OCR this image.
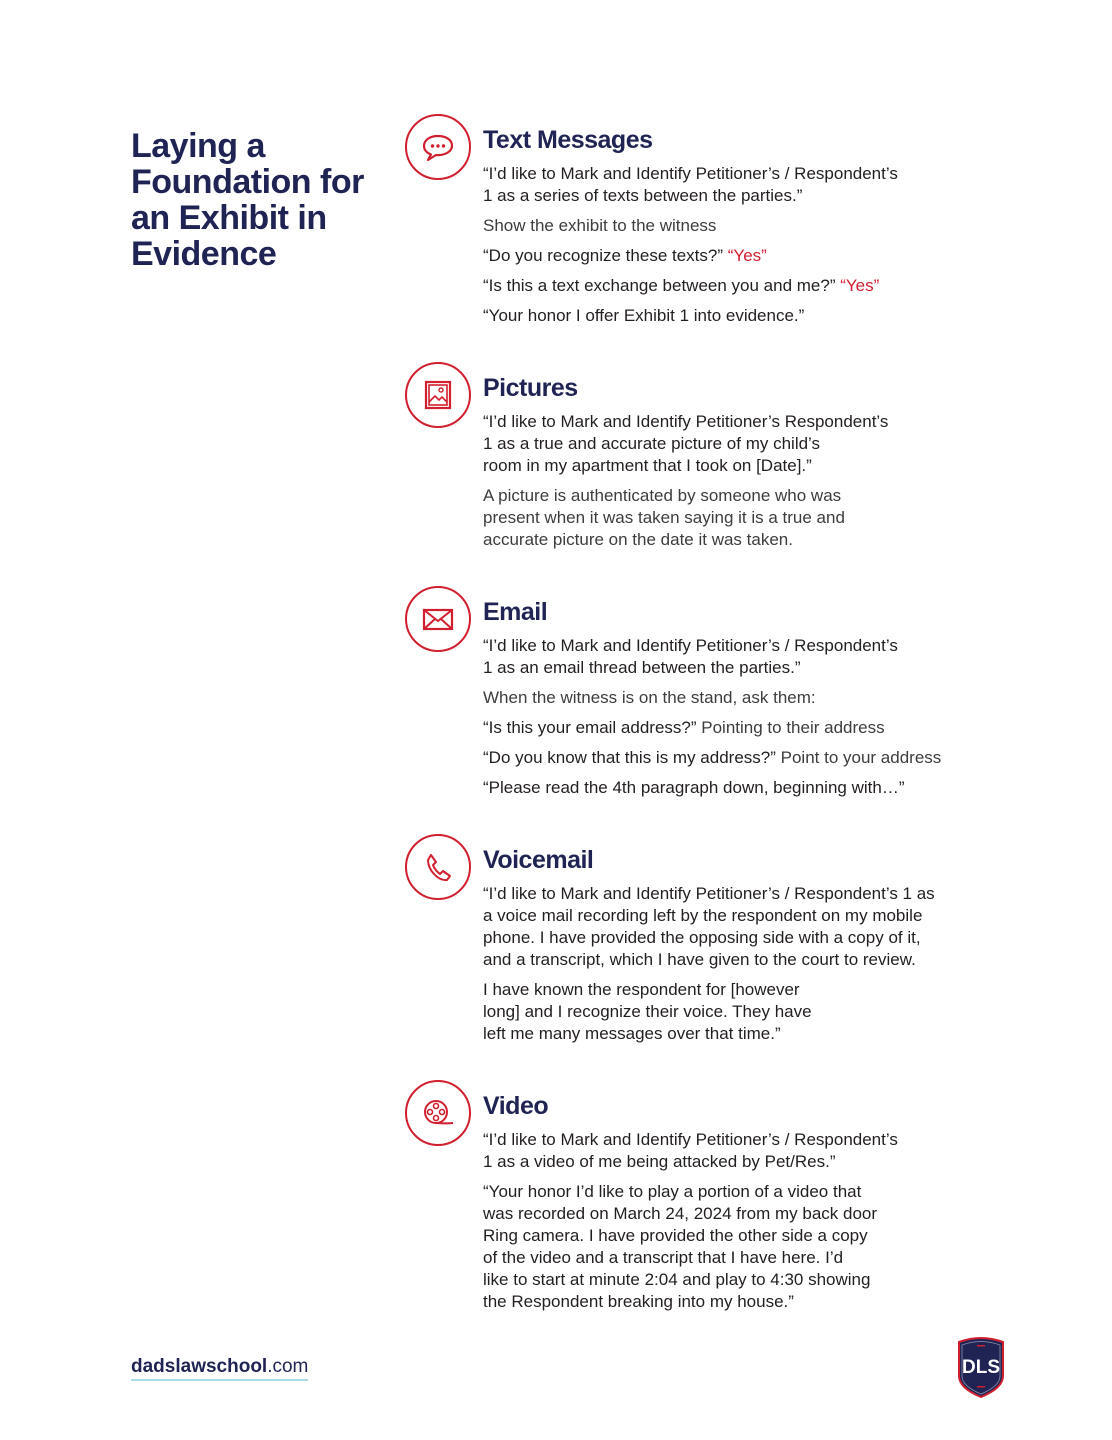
Laying a
Foundation for
an Exhibit in
Evidence
Text Messages
“I’d like to Mark and Identify Petitioner’s / Respondent’s
1 as a series of texts between the parties.”
Show the exhibit to the witness
“Do you recognize these texts?” “Yes”
“Is this a text exchange between you and me?” “Yes”
“Your honor I offer Exhibit 1 into evidence.”
Pictures
“I’d like to Mark and Identify Petitioner’s Respondent’s
1 as a true and accurate picture of my child’s
room in my apartment that I took on [Date].”
A picture is authenticated by someone who was
present when it was taken saying it is a true and
accurate picture on the date it was taken.
Email
“I’d like to Mark and Identify Petitioner’s / Respondent’s
1 as an email thread between the parties.”
When the witness is on the stand, ask them:
“Is this your email address?” Pointing to their address
“Do you know that this is my address?” Point to your address
“Please read the 4th paragraph down, beginning with…”
Voicemail
“I’d like to Mark and Identify Petitioner’s / Respondent’s 1 as
a voice mail recording left by the respondent on my mobile
phone. I have provided the opposing side with a copy of it,
and a transcript, which I have given to the court to review.
I have known the respondent for [however
long] and I recognize their voice. They have
left me many messages over that time.”
Video
“I’d like to Mark and Identify Petitioner’s / Respondent’s
1 as a video of me being attacked by Pet/Res.”
“Your honor I’d like to play a portion of a video that
was recorded on March 24, 2024 from my back door
Ring camera. I have provided the other side a copy
of the video and a transcript that I have here. I’d
like to start at minute 2:04 and play to 4:30 showing
the Respondent breaking into my house.”
dadslawschool.com	DLS
